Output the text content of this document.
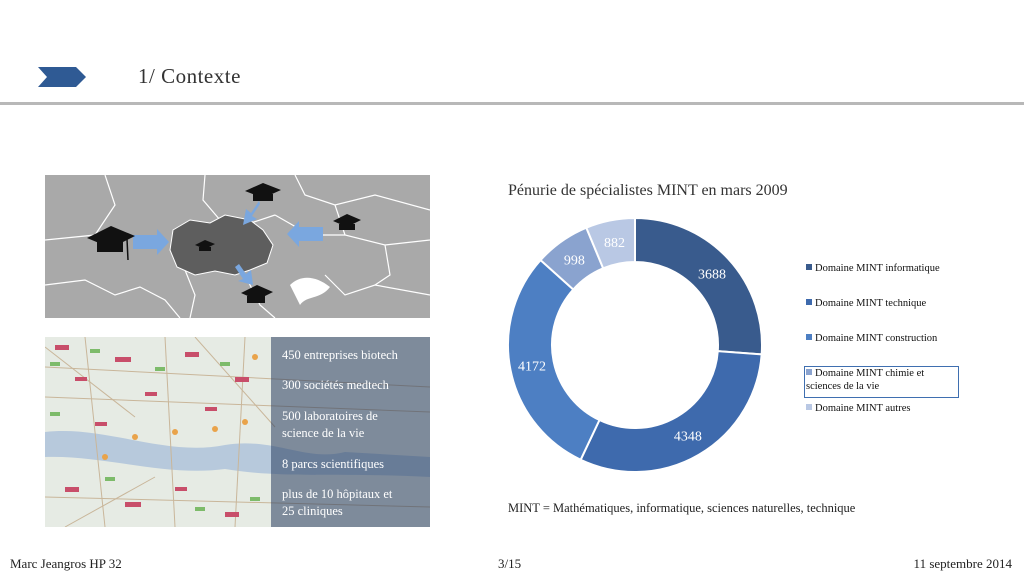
1/ Contexte
450 entreprises biotech
300 sociétés medtech
500 laboratoires de
science de la vie
8 parcs scientifiques
plus de 10 hôpitaux et
25 cliniques
Pénurie de spécialistes MINT en mars 2009
3688
4348
4172
998
882
Domaine MINT informatique
Domaine MINT technique
Domaine MINT construction
Domaine MINT chimie et
sciences de la vie
Domaine MINT autres
MINT = Mathématiques, informatique, sciences naturelles, technique
Marc Jeangros HP 32	3/15	11 septembre 2014
